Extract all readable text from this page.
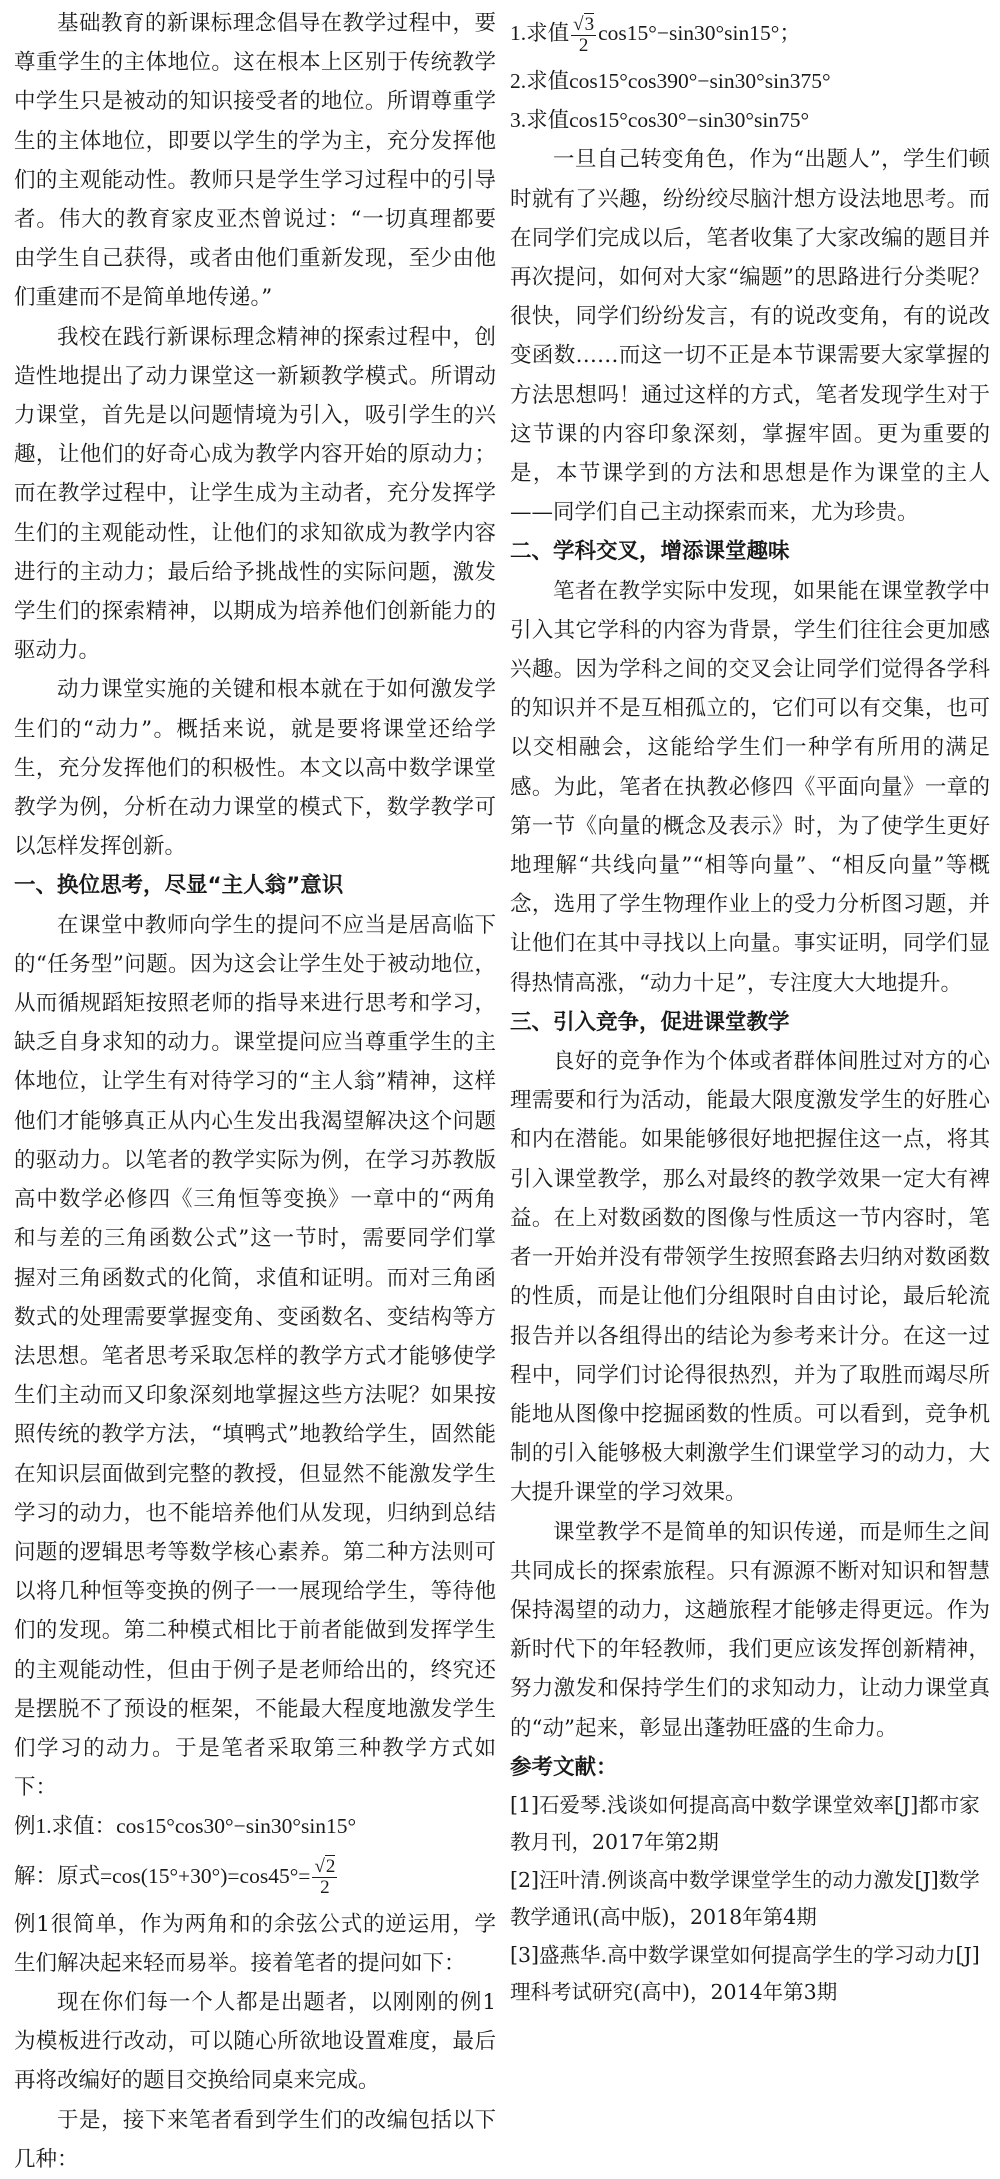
基础教育的新课标理念倡导在教学过程中，要尊重学生的主体地位。这在根本上区别于传统教学中学生只是被动的知识接受者的地位。所谓尊重学生的主体地位，即要以学生的学为主，充分发挥他们的主观能动性。教师只是学生学习过程中的引导者。伟大的教育家皮亚杰曾说过：“一切真理都要由学生自己获得，或者由他们重新发现，至少由他们重建而不是简单地传递。”

我校在践行新课标理念精神的探索过程中，创造性地提出了动力课堂这一新颖教学模式。所谓动力课堂，首先是以问题情境为引入，吸引学生的兴趣，让他们的好奇心成为教学内容开始的原动力；而在教学过程中，让学生成为主动者，充分发挥学生们的主观能动性，让他们的求知欲成为教学内容进行的主动力；最后给予挑战性的实际问题，激发学生们的探索精神，以期成为培养他们创新能力的驱动力。

动力课堂实施的关键和根本就在于如何激发学生们的“动力”。概括来说，就是要将课堂还给学生，充分发挥他们的积极性。本文以高中数学课堂教学为例，分析在动力课堂的模式下，数学教学可以怎样发挥创新。

一、换位思考，尽显“主人翁”意识

在课堂中教师向学生的提问不应当是居高临下的“任务型”问题。因为这会让学生处于被动地位，从而循规蹈矩按照老师的指导来进行思考和学习，缺乏自身求知的动力。课堂提问应当尊重学生的主体地位，让学生有对待学习的“主人翁”精神，这样他们才能够真正从内心生发出我渴望解决这个问题的驱动力。以笔者的教学实际为例，在学习苏教版高中数学必修四《三角恒等变换》一章中的“两角和与差的三角函数公式”这一节时，需要同学们掌握对三角函数式的化简，求值和证明。而对三角函数式的处理需要掌握变角、变函数名、变结构等方法思想。笔者思考采取怎样的教学方式才能够使学生们主动而又印象深刻地掌握这些方法呢？如果按照传统的教学方法，“填鸭式”地教给学生，固然能在知识层面做到完整的教授，但显然不能激发学生学习的动力，也不能培养他们从发现，归纳到总结问题的逻辑思考等数学核心素养。第二种方法则可以将几种恒等变换的例子一一展现给学生，等待他们的发现。第二种模式相比于前者能做到发挥学生的主观能动性，但由于例子是老师给出的，终究还是摆脱不了预设的框架，不能最大程度地激发学生们学习的动力。于是笔者采取第三种教学方式如下：

例1.求值：cos15°cos30°−sin30°sin15°

解：原式$=\cos(15^\circ+30^\circ)=\cos 45^\circ= \frac{√2}{2}$

例1很简单，作为两角和的余弦公式的逆运用，学生们解决起来轻而易举。接着笔者的提问如下：

现在你们每一个人都是出题者，以刚刚的例1为模板进行改动，可以随心所欲地设置难度，最后再将改编好的题目交换给同桌来完成。

于是，接下来笔者看到学生们的改编包括以下几种：

1.求值 $\frac{√3}{2} \cos 15^\circ-\sin 30^\circ\sin 15^\circ$；

2.求值cos15°cos390°−sin30°sin375°

3.求值cos15°cos30°−sin30°sin75°

一旦自己转变角色，作为“出题人”，学生们顿时就有了兴趣，纷纷绞尽脑汁想方设法地思考。而在同学们完成以后，笔者收集了大家改编的题目并再次提问，如何对大家“编题”的思路进行分类呢？很快，同学们纷纷发言，有的说改变角，有的说改变函数……而这一切不正是本节课需要大家掌握的方法思想吗！通过这样的方式，笔者发现学生对于这节课的内容印象深刻，掌握牢固。更为重要的是，本节课学到的方法和思想是作为课堂的主人——同学们自己主动探索而来，尤为珍贵。

二、学科交叉，增添课堂趣味

笔者在教学实际中发现，如果能在课堂教学中引入其它学科的内容为背景，学生们往往会更加感兴趣。因为学科之间的交叉会让同学们觉得各学科的知识并不是互相孤立的，它们可以有交集，也可以交相融会，这能给学生们一种学有所用的满足感。为此，笔者在执教必修四《平面向量》一章的第一节《向量的概念及表示》时，为了使学生更好地理解“共线向量”“相等向量”、“相反向量”等概念，选用了学生物理作业上的受力分析图习题，并让他们在其中寻找以上向量。事实证明，同学们显得热情高涨，“动力十足”，专注度大大地提升。

三、引入竞争，促进课堂教学

良好的竞争作为个体或者群体间胜过对方的心理需要和行为活动，能最大限度激发学生的好胜心和内在潜能。如果能够很好地把握住这一点，将其引入课堂教学，那么对最终的教学效果一定大有裨益。在上对数函数的图像与性质这一节内容时，笔者一开始并没有带领学生按照套路去归纳对数函数的性质，而是让他们分组限时自由讨论，最后轮流报告并以各组得出的结论为参考来计分。在这一过程中，同学们讨论得很热烈，并为了取胜而竭尽所能地从图像中挖掘函数的性质。可以看到，竞争机制的引入能够极大刺激学生们课堂学习的动力，大大提升课堂的学习效果。

课堂教学不是简单的知识传递，而是师生之间共同成长的探索旅程。只有源源不断对知识和智慧保持渴望的动力，这趟旅程才能够走得更远。作为新时代下的年轻教师，我们更应该发挥创新精神，努力激发和保持学生们的求知动力，让动力课堂真的“动”起来，彰显出蓬勃旺盛的生命力。

参考文献：

[1]石爱琴.浅谈如何提高高中数学课堂效率[J]都市家教月刊，2017年第2期

[2]汪叶清.例谈高中数学课堂学生的动力激发[J]数学教学通讯(高中版)，2018年第4期

[3]盛燕华.高中数学课堂如何提高学生的学习动力[J]理科考试研究(高中)，2014年第3期
